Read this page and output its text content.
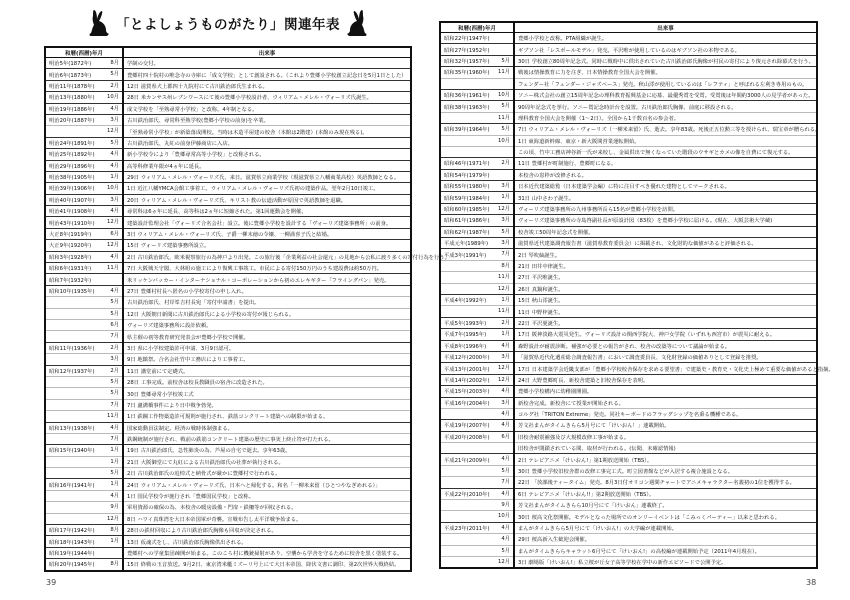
「とよしょうものがたり」関連年表
和暦(西暦)年月	出来事
明治5年(1872年) 8月	学制の交付。
明治6年(1873年) 5月	豊郷村四十院村の唯念寺の寺庫に「成文学校」として創設される。（これより豊郷小学校創立記念日を5月1日とした）
明治11年(1878年) 2月	12日 滋賀県犬上郡四十九院村にて古川鉄治郎氏生まれる。
明治13年(1880年) 10月	28日 米カンサス州レブンワースにて後の豊郷小学校設計者、ウィリアム・メレル・ヴォーリズ氏誕生。
明治19年(1886年) 4月	成文学校を「至熟尋常小学校」と改称。4年制となる。
明治20年(1887年) 3月	古川鉄治郎氏、尋常科至熟学校(豊郷小学校の前身)を卒業。

12月	「至熟尋常小学校」が新築落成開校。当時は木造平屋建の校舎（本館は2階建）(本館のみ現在残る)。
明治24年(1891年) 5月	古川鉄治郎氏、丸紅の前身伊藤商店に入店。
明治25年(1892年) 4月	新小学校令により「豊郷尋常高等小学校」と改称される。
明治29年(1896年) 4月	高等科修業年限が4ヵ年に延長。
明治38年(1905年) 1月	29日 ウィリアム・メレル・ヴォーリズ氏、来日。滋賀県立商業学校（現滋賀県立八幡商業高校）英語教師となる。
明治39年(1906年) 10月	1日 近江八幡YMCA会館工事着工。ウィリアム・メレル・ヴォーリズ氏初の建築作品。翌年2月10日竣工。
明治40年(1907年) 3月	20日 ウィリアム・メレル・ヴォーリズ氏、キリスト教の伝道活動が原因で英語教師を退職。
明治41年(1908年) 4月	尋常科は6ヵ年に延長、高等科は2ヵ年に短縮された。第1回運動会を開催。
明治43年(1910年) 12月	建築設計監理会社「ヴォーリズ合名会社」設立。後に豊郷小学校を設計する「ヴォーリズ建築事務所」の前身。
大正8年(1919年) 6月	3日 ウィリアム・メレル・ヴォーリズ氏、子爵一柳末徳の令嬢、一柳満喜子氏と結婚。
大正9年(1920年) 12月	15日 ヴォーリズ建築事務所設立。
昭和3年(1928年) 4月	2日 古川鉄治郎氏、欧米視察旅行の為神戸より出発。この旅行後「企業利益の社会還元」の見地から公私に渡り多くの寄付行為を行う。
昭和6年(1931年) 11月	7日 大阪城天守閣、大林組の施工により復興工事竣工。市民による寄付150万円のうち建設費は約50万円。
昭和7年(1932年)	米リッケンバッカー・インターナショナル・コーポレーションから初のエレキギター「フライングパン」発売。
昭和10年(1935年) 4月	27日 豊郷村村長へ匿名の小学校寄付の申し入れ。

5月	古川鉄治郎氏、村岸峯吉村長宛「寄付申請書」を提出。

5月	12日 大阪朝日新聞に古川鉄治郎氏による小学校の寄付が報じられる。

6月	ヴォーリズ建築事務所に設計依頼。

7月	県主催の初等教育研究発表会が豊郷小学校で開催。
昭和11年(1936年) 2月	3日 県に小学校建築許可申請、3月9日認可。

3月	9日 地鎮祭。合名会社竹中工務店により工事着工。
昭和12年(1937年) 2月	11日 講堂前にて定礎式。

5月	28日 工事完成。前校舎は校長教職員の宿舎に改造された。

5月	30日 豊郷尋常小学校竣工式

7月	7日 盧溝橋事件により日中戦争勃発。

11月	1日 鉄鋼工作物築造許可規則が施行され、鉄筋コンクリート建築への制限が始まる。
昭和13年(1938年) 4月	国家総動員法制定。経済の戦時体制強まる。

7月	鉄鋼統制が施行され、戦前の鉄筋コンクリート建築の歴史に事実上終止符が打たれる。
昭和15年(1940年) 1月	19日 古川鉄治郎氏、急性肺炎の為、芦屋の自宅で逝去。享年63歳。

1月	21日 大阪御堂にて丸紅による古川鉄治郎氏の社葬が執行される。

5月	2日 古川鉄治郎氏の追悼式と納骨式が厳かに豊郷村で行われる。
昭和16年(1941年) 1月	24日 ウィリアム・メレル・ヴォーリズ氏、日本へと帰化する。和名「一柳米来留（ひとつやなぎめれる）」

4月	1日 国民学校令が施行され「豊郷国民学校」と改称。

9月	軍用資源の確保の為、本校舎の暖房設備・門扉・鉄柵等が回収される。

12月	8日 ハワイ真珠湾を大日本帝国軍が奇襲。宣戦布告し太平洋戦争始まる。
昭和17年(1942年) 8月	28日の鉄材回収により古川鉄治郎氏胸像も回収が決定される。
昭和18年(1943年) 1月	13日 仮魂式をし、古川鉄治郎氏胸像供出される。
昭和19年(1944年)	豊郷村への学童集団疎開が始まる。このころ村に機銃掃射があり、空襲から学舎を守るために校舎を黒く塗装する。
昭和20年(1945年) 8月	15日 終戦の玉音放送。9月2日、東京湾米艦ミズーリ号上にて大日本帝国、降伏文書に調印、第2次世界大戦終結。
和暦(西暦)年月	出来事
昭和22年(1947年)	豊郷小学校と改称。PTA組織が誕生。
昭和27年(1952年)	ギブソン社「レスポールモデル」発売。平沢唯が使用しているのはギブソン社の本物である。
昭和32年(1957年) 5月	30日 学校創立80周年記念式。同時に戦時中に供出されていた古川鉄治郎氏胸像が村民の寄付により復元され除幕式を行う。
昭和35年(1960年) 11月	戦後は情操教育に力を注ぎ、日本情操教育全国大会を開催。

	フェンダー社「フェンダー・ジャズベース」発売。秋山澪が使用しているのは「レフティ」と呼ばれる左利き専用のもの。
昭和36年(1961年) 10月	ソニー株式会社の創立15周年記念の理科教育振興基金に応募、最優秀賞を受賞。受賞後は年間約3000人の見学者があった。
昭和38年(1963年) 5月	90周年記念式を挙行。ソニー賞記念時計台を設置。古川鉄治郎氏胸像、前庭に移設される。

11月	理科教育全国大会を開催（1～2日）。全国から1千数百名の参会者。
昭和39年(1964年) 5月	7日 ウィリアム・メレル・ヴォーリズ（一柳米来留）氏、逝去。享年83歳。死後正五位勲三等を授けられ、瑞宝章が贈られる。

10月	1日 東海道新幹線、東京・新大阪間営業運転開始。

	この頃、竹中工務店神谷新一氏が来校し、金属供出で無くなっていた階段のウサギとカメの像を自費にて復元する。
昭和46年(1971年) 2月	11日 豊郷村が町制施行、豊郷町になる。
昭和54年(1979年)	本校舎の窓枠が改修される。
昭和55年(1980年) 3月	日本近代建築総覧（日本建築学会編）に特に注目すべき優れた建物としてマークされる。
昭和59年(1984年) 1月	31日 山中さわ子誕生。
昭和60年(1985年) 12月	ヴォーリズ建築事務所の九州事務所長ら15名が豊郷小学校を訪問。
昭和61年(1986年) 3月	ヴォーリズ建築事務所の寺島啓副社長が原設計図（83枚）を豊郷小学校に届ける。(現在、大阪芸術大学蔵)
昭和62年(1987年) 5月	校舎竣工50周年記念式を開催。
平成元年(1989年) 3月	滋賀県近代建築調査報告書（滋賀県教育委員会）に掲載され、文化財的な価値があると評価される。
平成3年(1991年) 7月	2日 琴吹紬誕生。

8月	21日 田井中律誕生。

11月	27日 平沢唯誕生。

12月	26日 真鍋和誕生。
平成4年(1992年) 1月	15日 秋山澪誕生。

11月	11日 中野梓誕生。
平成5年(1993年) 2月	22日 平沢憂誕生。
平成7年(1995年) 1月	17日 阪神淡路大震災発生。ヴォーリズ設計の関西学院大、神戸女学院（いずれも西宮市）が震災に耐える。
平成8年(1996年) 4月	森野設計が耐震診断。補強が必要との報告がされ、校舎の改築等について議論が始まる。
平成12年(2000年) 3月	「滋賀県近代化遺産総合調査報告書」において調査委員長、文化財登録の価値ありとして登録を推奨。
平成13年(2001年) 12月	17日 日本建築学会近畿支部が「豊郷小学校校舎保存を求める要望書」で建築史・教育史・文化史上極めて重要な価値があると指摘。
平成14年(2002年) 12月	24日 大野豊郷町長、新校舎建築と旧校舎保存を表明。
平成15年(2003年) 4月	豊郷小学校構内に幼稚園開園。
平成16年(2004年) 3月	新校舎完成。新校舎にて授業が開始される。

4月	コルグ社「TRITON Extreme」発売。同社キーボードのフラッグシップを名乗る機種である。
平成19年(2007年) 4月	芳文社まんがタイムきらら5月号にて「けいおん！」連載開始。
平成20年(2008年) 6月	旧校舎耐震補強及び大規模改修工事が始まる。

	旧校舎が閉鎖されている間、取材が行われる。(伝聞、未確認情報)
平成21年(2009年) 4月	2日 テレビアニメ「けいおん!」第1期放送開始（TBS）。

5月	30日 豊郷小学校旧校舎群の改修工事完工式。町立図書館などが入居する複合施設となる。

7月	22日 「放課後ティータイム」発売。8月3日付オリコン週間チャートでアニメキャラクター名義初の1位を獲得する。
平成22年(2010年) 4月	6日 テレビアニメ「けいおん!!」第2期放送開始（TBS）。

9月	芳文社まんがタイムきらら10月号にて「けいおん」連載終了。

10月	30日 桜高文化祭開催。モデルとなった場所でのオンリーイベントは「こみっくパーティー」以来と思われる。
平成23年(2011年) 4月	まんがタイムきらら5月号にて「けいおん!」の大学編が連載開始。

4月	29日 桜高新入生歓迎会開催。

5月	まんがタイムきららキャラット6月号にて「けいおん!」の高校編が連載開始予定（2011年4月現在）。

12月	3日 劇場版「けいおん!」私立桜が丘女子高等学校在学中の新作エピソードで公開予定。
39	38
